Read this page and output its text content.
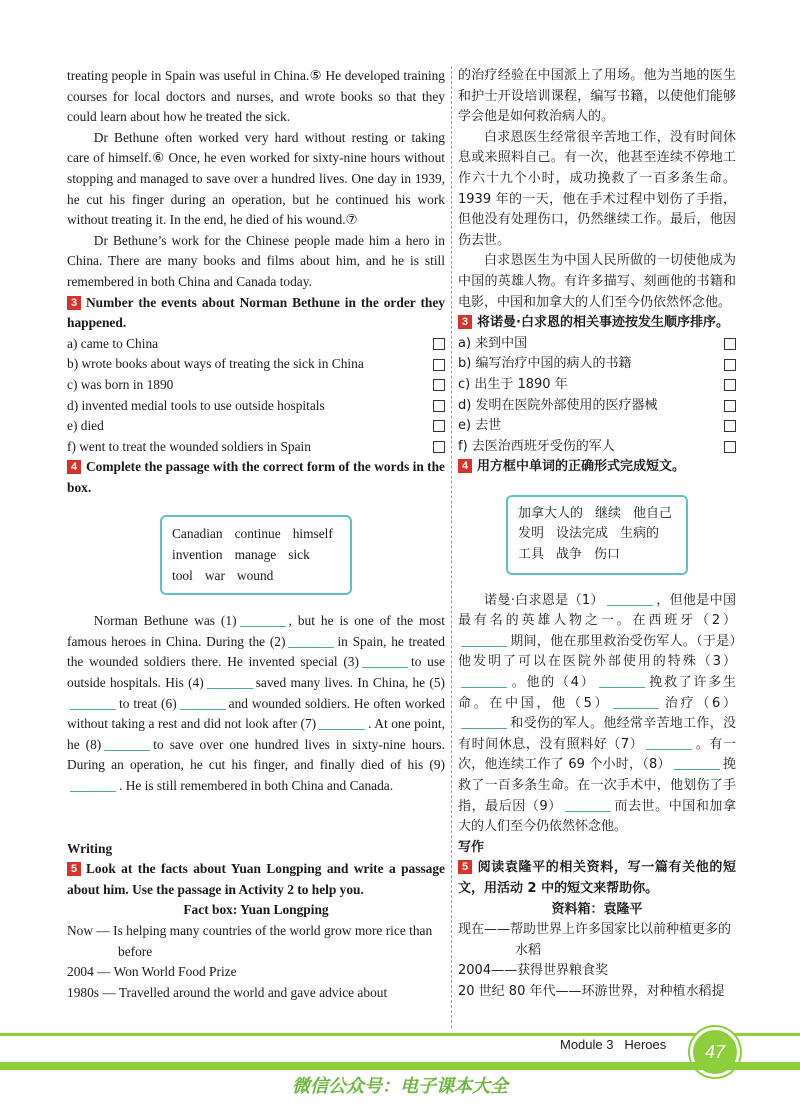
treating people in Spain was useful in China.⑤ He developed training courses for local doctors and nurses, and wrote books so that they could learn about how he treated the sick.

Dr Bethune often worked very hard without resting or taking care of himself.⑥ Once, he even worked for sixty-nine hours without stopping and managed to save over a hundred lives. One day in 1939, he cut his finger during an operation, but he continued his work without treating it. In the end, he died of his wound.⑦

Dr Bethune’s work for the Chinese people made him a hero in China. There are many books and films about him, and he is still remembered in both China and Canada today.

3 Number the events about Norman Bethune in the order they happened.

a) came to China
b) wrote books about ways of treating the sick in China
c) was born in 1890
d) invented medial tools to use outside hospitals
e) died
f) went to treat the wounded soldiers in Spain

4 Complete the passage with the correct form of the words in the box.

Canadian continue himself
invention manage sick
tool war wound

Norman Bethune was (1)	, but he is one of the most famous heroes in China. During the (2)	in Spain, he treated the wounded soldiers there. He invented special (3)	to use outside hospitals. His (4)	saved many lives. In China, he (5)to treat (6)	and wounded soldiers. He often worked without taking a rest and did not look after (7)	. At one point, he (8)	to save over one hundred lives in sixty-nine hours. During an operation, he cut his finger, and finally died of his (9). He is still remembered in both China and Canada.

Writing

5 Look at the facts about Yuan Longping and write a passage about him. Use the passage in Activity 2 to help you.

Fact box: Yuan Longping

Now — Is helping many countries of the world grow more rice than before

2004 — Won World Food Prize

1980s — Travelled around the world and gave advice about

的治疗经验在中国派上了用场。他为当地的医生和护士开设培训课程，编写书籍，以使他们能够学会他是如何救治病人的。

白求恩医生经常很辛苦地工作，没有时间休息或来照料自己。有一次，他甚至连续不停地工作六十九个小时，成功挽救了一百多条生命。1939 年的一天，他在手术过程中划伤了手指，但他没有处理伤口，仍然继续工作。最后，他因伤去世。

白求恩医生为中国人民所做的一切使他成为中国的英雄人物。有许多描写、刻画他的书籍和电影，中国和加拿大的人们至今仍依然怀念他。

3 将诺曼·白求恩的相关事迹按发生顺序排序。

a) 来到中国
b) 编写治疗中国的病人的书籍
c) 出生于 1890 年
d) 发明在医院外部使用的医疗器械
e) 去世
f) 去医治西班牙受伤的军人

4 用方框中单词的正确形式完成短文。

加拿大人的 继续 他自己
发明 设法完成 生病的
工具 战争 伤口

诺曼·白求恩是（1）	，但他是中国最有名的英雄人物之一。在西班牙（2）期间，他在那里救治受伤军人。（于是）他发明了可以在医院外部使用的特殊（3）。他的（4）	挽救了许多生命。在中国，他（5）	治疗（6）和受伤的军人。他经常辛苦地工作，没有时间休息，没有照料好（7）	。有一次，他连续工作了 69 个小时，（8）	挽救了一百多条生命。在一次手术中，他划伤了手指，最后因（9）	而去世。中国和加拿大的人们至今仍依然怀念他。

写作

5 阅读袁隆平的相关资料，写一篇有关他的短文，用活动 2 中的短文来帮助你。

资料箱：袁隆平

现在——帮助世界上许多国家比以前种植更多的水稻

2004——获得世界粮食奖

20 世纪 80 年代——环游世界，对种植水稻提

Module 3 Heroes	47
微信公众号：电子课本大全
